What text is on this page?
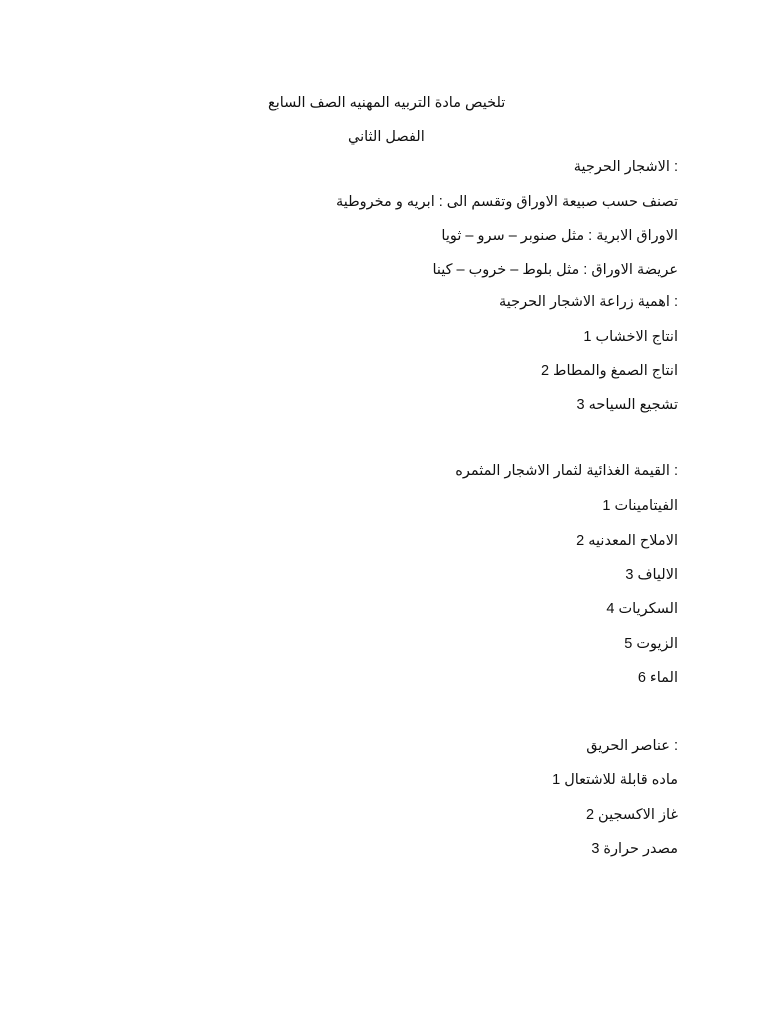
تلخيص مادة التربيه المهنيه الصف السابع
الفصل الثاني
: الاشجار الحرجية
تصنف حسب صبيعة الاوراق وتقسم الى : ابريه و مخروطية
الاوراق الابرية : مثل صنوبر – سرو – ثويا
عريضة الاوراق : مثل بلوط – خروب – كينا
: اهمية زراعة الاشجار الحرجية
انتاج الاخشاب 1
انتاج الصمغ والمطاط 2
تشجيع السياحه 3
: القيمة الغذائية لثمار الاشجار المثمره
الفيتامينات 1
الاملاح المعدنيه 2
الالياف 3
السكريات 4
الزيوت 5
الماء 6
: عناصر الحريق
ماده قابلة للاشتعال 1
غاز الاكسجين 2
مصدر حرارة 3
